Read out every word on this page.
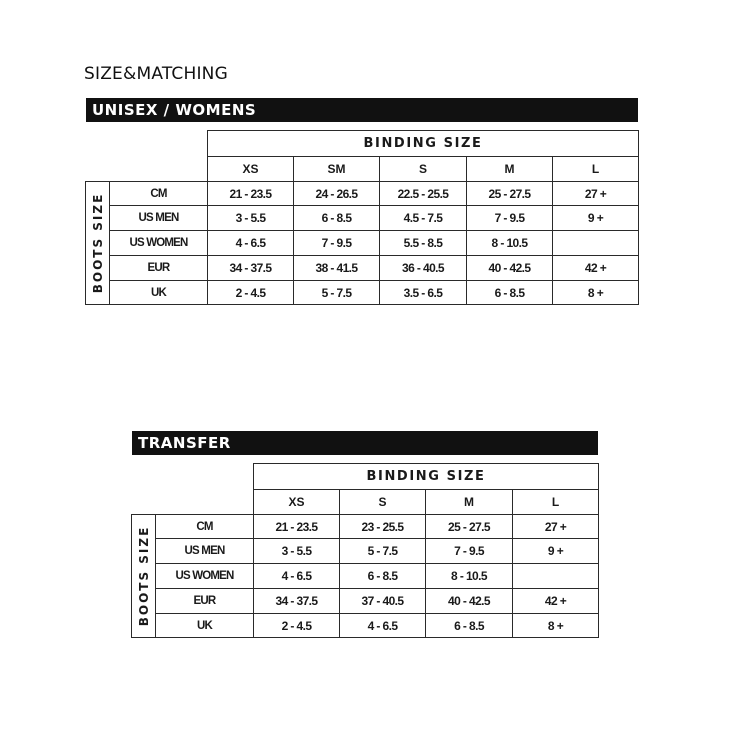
SIZE&MATCHING
UNISEX / WOMENS
		BINDING SIZE				
		XS	SM	S	M	L

BOOTS SIZE	CM	21 - 23.5	24 - 26.5	22.5 - 25.5	25 - 27.5	27 +
	US MEN	3 - 5.5	6 - 8.5	4.5 - 7.5	7 - 9.5	9 +
	US WOMEN	4 - 6.5	7 - 9.5	5.5 - 8.5	8 - 10.5	
	EUR	34 - 37.5	38 - 41.5	36 - 40.5	40 - 42.5	42 +
	UK	2 - 4.5	5 - 7.5	3.5 - 6.5	6 - 8.5	8 +
TRANSFER
		BINDING SIZE			
		XS	S	M	L

BOOTS SIZE	CM	21 - 23.5	23 - 25.5	25 - 27.5	27 +
	US MEN	3 - 5.5	5 - 7.5	7 - 9.5	9 +
	US WOMEN	4 - 6.5	6 - 8.5	8 - 10.5	
	EUR	34 - 37.5	37 - 40.5	40 - 42.5	42 +
	UK	2 - 4.5	4 - 6.5	6 - 8.5	8 +
